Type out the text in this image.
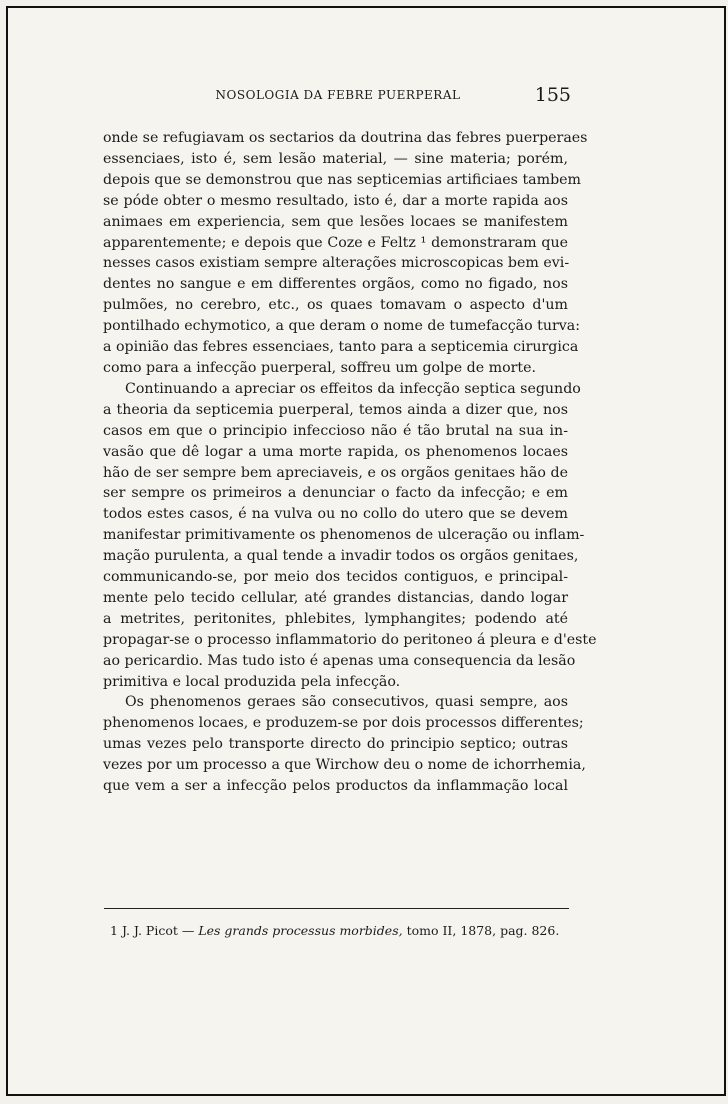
NOSOLOGIA DA FEBRE PUERPERAL	155
onde se refugiavam os sectarios da doutrina das febres puerperaes
essenciaes, isto é, sem lesão material, — sine materia; porém,
depois que se demonstrou que nas septicemias artificiaes tambem
se póde obter o mesmo resultado, isto é, dar a morte rapida aos
animaes em experiencia, sem que lesões locaes se manifestem
apparentemente; e depois que Coze e Feltz ¹ demonstraram que
nesses casos existiam sempre alterações microscopicas bem evi-
dentes no sangue e em differentes orgãos, como no figado, nos
pulmões, no cerebro, etc., os quaes tomavam o aspecto d'um
pontilhado echymotico, a que deram o nome de tumefacção turva:
a opinião das febres essenciaes, tanto para a septicemia cirurgica
como para a infecção puerperal, soffreu um golpe de morte.
Continuando a apreciar os effeitos da infecção septica segundo
a theoria da septicemia puerperal, temos ainda a dizer que, nos
casos em que o principio infeccioso não é tão brutal na sua in-
vasão que dê logar a uma morte rapida, os phenomenos locaes
hão de ser sempre bem apreciaveis, e os orgãos genitaes hão de
ser sempre os primeiros a denunciar o facto da infecção; e em
todos estes casos, é na vulva ou no collo do utero que se devem
manifestar primitivamente os phenomenos de ulceração ou inflam-
mação purulenta, a qual tende a invadir todos os orgãos genitaes,
communicando-se, por meio dos tecidos contiguos, e principal-
mente pelo tecido cellular, até grandes distancias, dando logar
a metrites, peritonites, phlebites, lymphangites; podendo até
propagar-se o processo inflammatorio do peritoneo á pleura e d'este
ao pericardio. Mas tudo isto é apenas uma consequencia da lesão
primitiva e local produzida pela infecção.
Os phenomenos geraes são consecutivos, quasi sempre, aos
phenomenos locaes, e produzem-se por dois processos differentes;
umas vezes pelo transporte directo do principio septico; outras
vezes por um processo a que Wirchow deu o nome de ichorrhemia,
que vem a ser a infecção pelos productos da inflammação local
1 J. J. Picot — Les grands processus morbides, tomo II, 1878, pag. 826.
